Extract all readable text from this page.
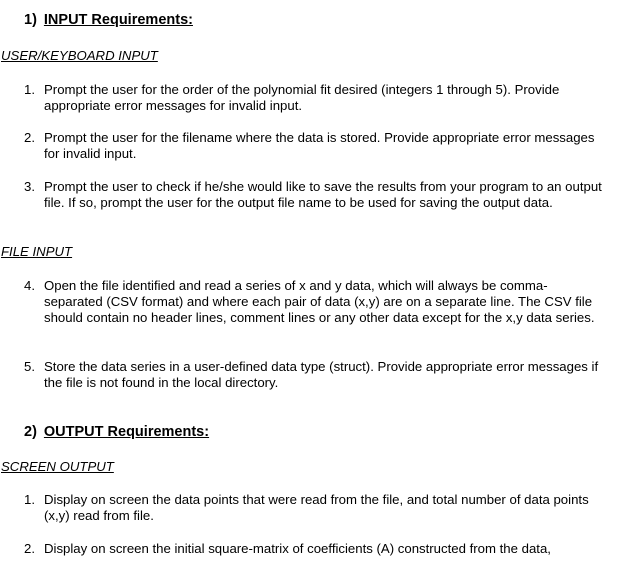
1) INPUT Requirements:
USER/KEYBOARD INPUT
1. Prompt the user for the order of the polynomial fit desired (integers 1 through 5). Provide appropriate error messages for invalid input.
2. Prompt the user for the filename where the data is stored. Provide appropriate error messages for invalid input.
3. Prompt the user to check if he/she would like to save the results from your program to an output file. If so, prompt the user for the output file name to be used for saving the output data.
FILE INPUT
4. Open the file identified and read a series of x and y data, which will always be comma-separated (CSV format) and where each pair of data (x,y) are on a separate line. The CSV file should contain no header lines, comment lines or any other data except for the x,y data series.
5. Store the data series in a user-defined data type (struct). Provide appropriate error messages if the file is not found in the local directory.
2) OUTPUT Requirements:
SCREEN OUTPUT
1. Display on screen the data points that were read from the file, and total number of data points (x,y) read from file.
2. Display on screen the initial square-matrix of coefficients (A) constructed from the data,
